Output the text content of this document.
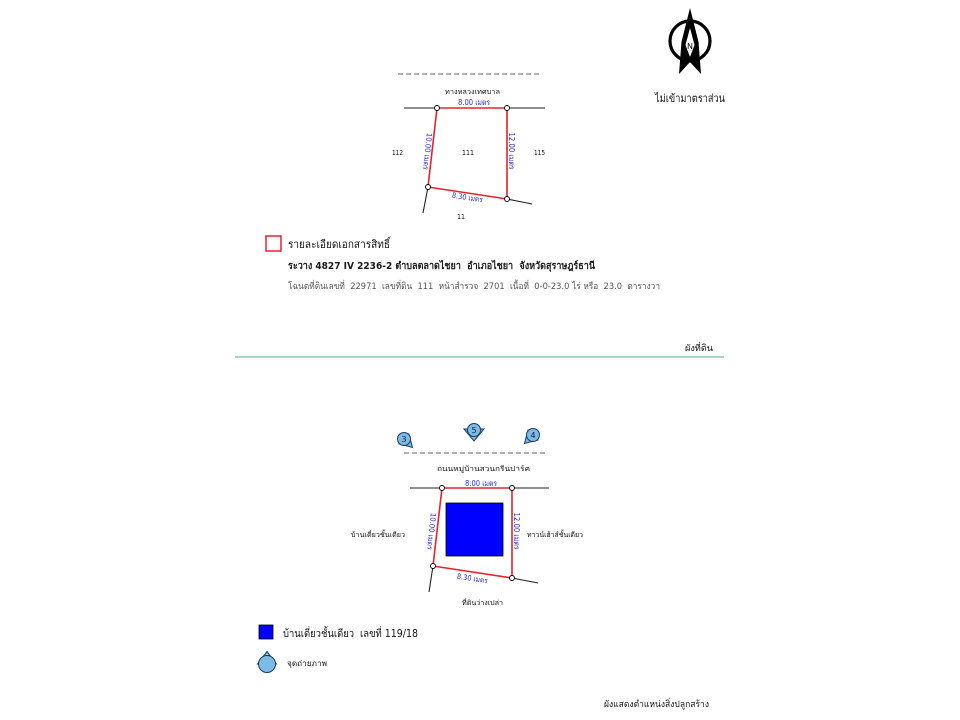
N
ไม่เข้ามาตราส่วน
ทางหลวงเทศบาล
8.00 เมตร
10.00 เมตร	12.00 เมตร
8.30 เมตร
112	111	115
11
รายละเอียดเอกสารสิทธิ์
ระวาง 4827 IV 2236-2 ตำบลตลาดไชยา  อำเภอไชยา  จังหวัดสุราษฎร์ธานี
โฉนดที่ดินเลขที่  22971  เลขที่ดิน  111  หน้าสำรวจ  2701  เนื้อที่  0-0-23.0 ไร่ หรือ  23.0  ตารางวา
ผังที่ดิน
3
5
4
ถนนหมู่บ้านสวนกรีนปาร์ค
8.00 เมตร
10.00 เมตร	12.00 เมตร
8.30 เมตร
บ้านเดี่ยวชั้นเดียว	ทาวน์เฮ้าส์ชั้นเดียว
ที่ดินว่างเปล่า
บ้านเดี่ยวชั้นเดียว  เลขที่ 119/18
จุดถ่ายภาพ
ผังแสดงตำแหน่งสิ่งปลูกสร้าง
